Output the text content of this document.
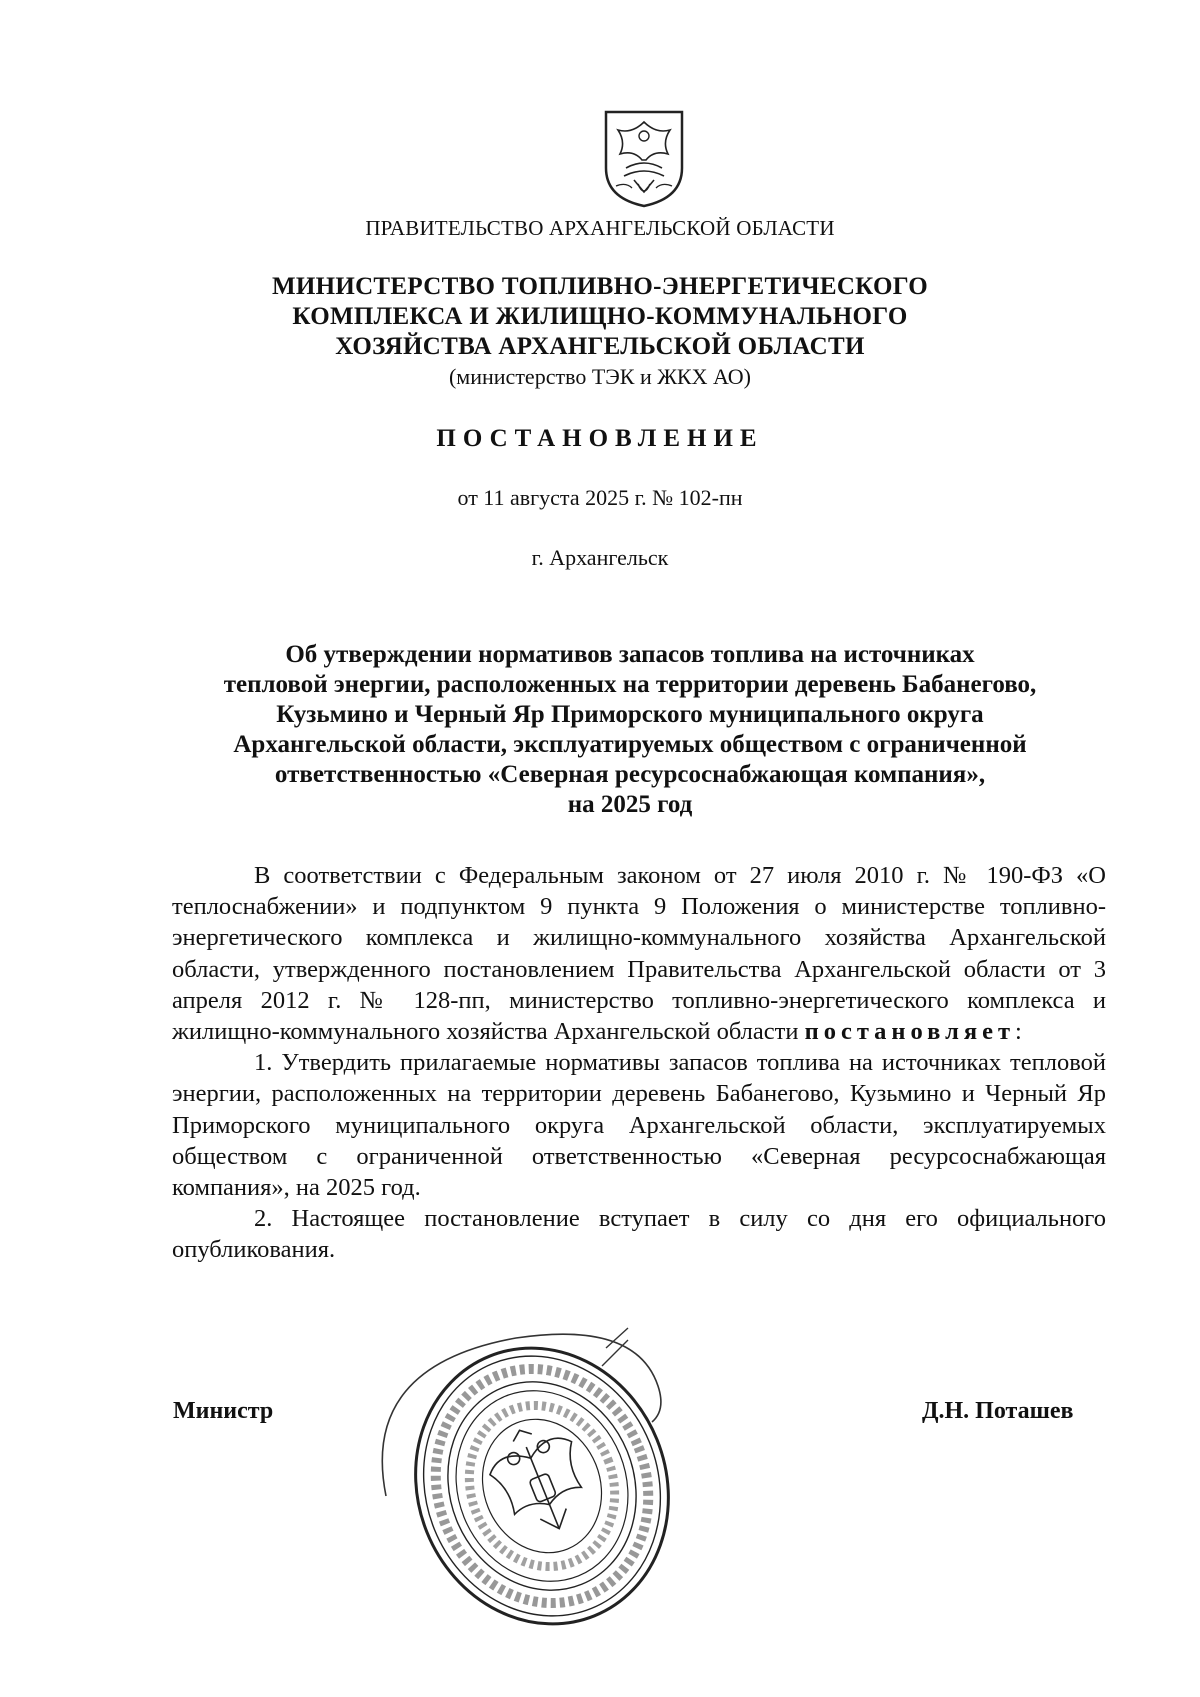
ПРАВИТЕЛЬСТВО АРХАНГЕЛЬСКОЙ ОБЛАСТИ
МИНИСТЕРСТВО ТОПЛИВНО-ЭНЕРГЕТИЧЕСКОГО
КОМПЛЕКСА И ЖИЛИЩНО-КОММУНАЛЬНОГО
ХОЗЯЙСТВА АРХАНГЕЛЬСКОЙ ОБЛАСТИ
(министерство ТЭК и ЖКХ АО)
ПОСТАНОВЛЕНИЕ
от 11 августа 2025 г. № 102-пн
г. Архангельск
Об утверждении нормативов запасов топлива на источниках
тепловой энергии, расположенных на территории деревень Бабанегово,
Кузьмино и Черный Яр Приморского муниципального округа
Архангельской области, эксплуатируемых обществом с ограниченной
ответственностью «Северная ресурсоснабжающая компания»,
на 2025 год

В соответствии с Федеральным законом от 27 июля 2010 г. № 190-ФЗ «О теплоснабжении» и подпунктом 9 пункта 9 Положения о министерстве топливно-энергетического комплекса и жилищно-коммунального хозяйства Архангельской области, утвержденного постановлением Правительства Архангельской области от 3 апреля 2012 г. № 128-пп, министерство топливно-энергетического комплекса и жилищно-коммунального хозяйства Архангельской области постановляет:

1. Утвердить прилагаемые нормативы запасов топлива на источниках тепловой энергии, расположенных на территории деревень Бабанегово, Кузьмино и Черный Яр Приморского муниципального округа Архангельской области, эксплуатируемых обществом с ограниченной ответственностью «Северная ресурсоснабжающая компания», на 2025 год.

2. Настоящее постановление вступает в силу со дня его официального опубликования.

Министр	Д.Н. Поташев
